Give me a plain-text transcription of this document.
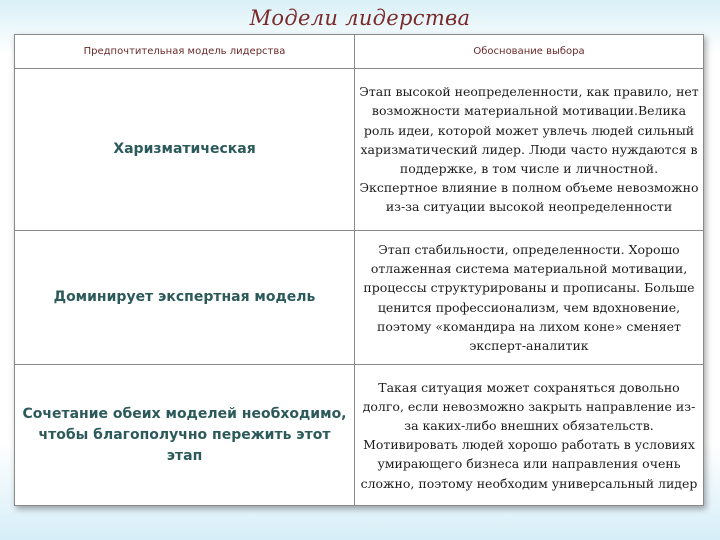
Модели лидерства
Предпочтительная модель лидерства	Обоснование выбора
Харизматическая	Этап высокой неопределенности, как правило, нет возможности материальной мотивации.Велика роль идеи, которой может увлечь людей сильный харизматический лидер. Люди часто нуждаются в поддержке, в том числе и личностной. Экспертное влияние в полном объеме невозможно из-за ситуации высокой неопределенности
Доминирует экспертная модель	Этап стабильности, определенности. Хорошо отлаженная система материальной мотивации, процессы структурированы и прописаны. Больше ценится профессионализм, чем вдохновение, поэтому «командира на лихом коне» сменяет эксперт-аналитик
Сочетание обеих моделей необходимо, чтобы благополучно пережить этот этап	Такая ситуация может сохраняться довольно долго, если невозможно закрыть направление из-за каких-либо внешних обязательств. Мотивировать людей хорошо работать в условиях умирающего бизнеса или направления очень сложно, поэтому необходим универсальный лидер
